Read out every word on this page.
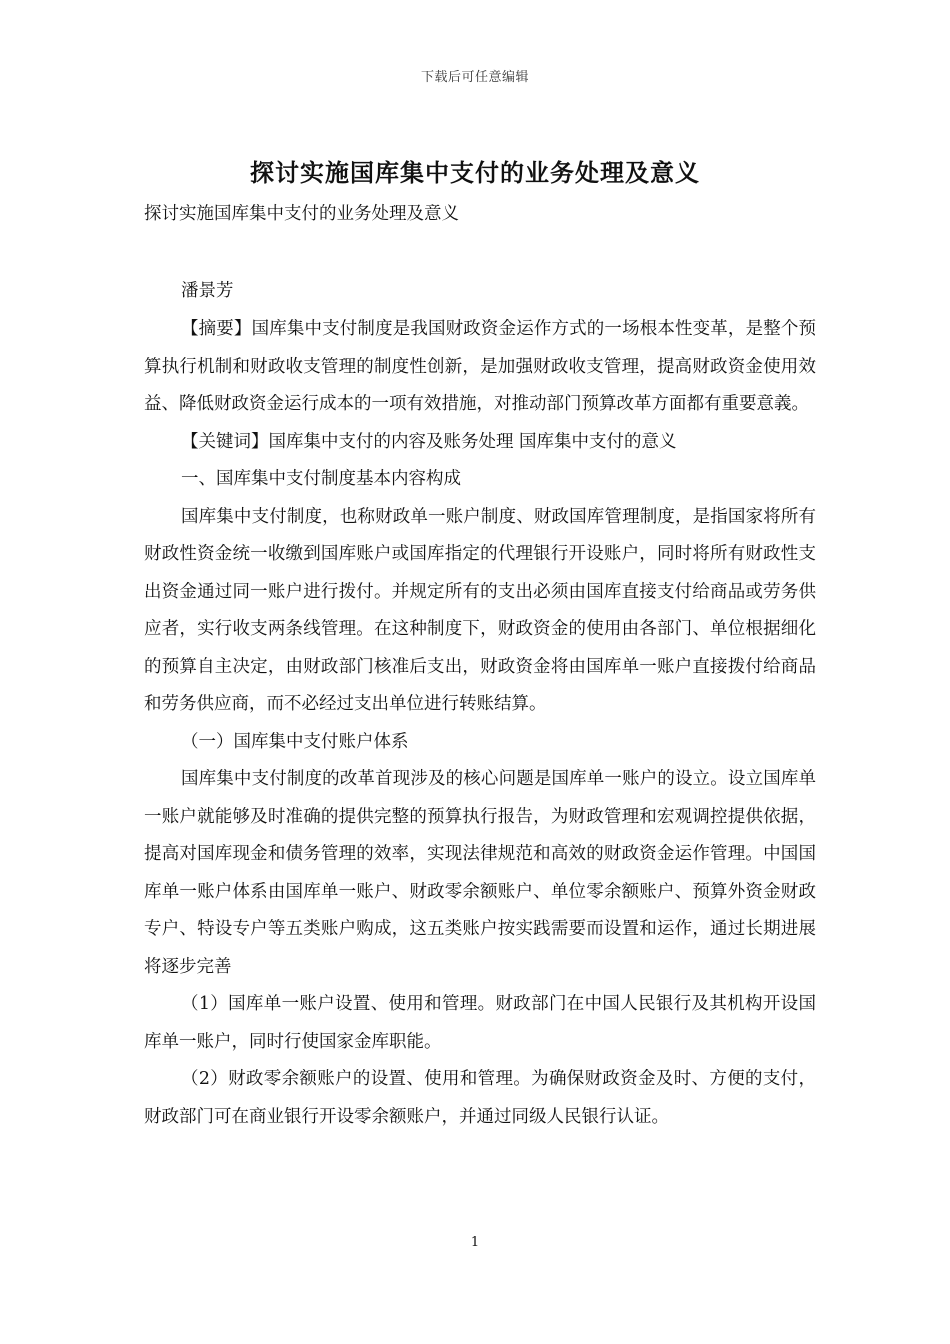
下载后可任意编辑
探讨实施国库集中支付的业务处理及意义

探讨实施国库集中支付的业务处理及意义

潘景芳

【摘要】国库集中支付制度是我国财政资金运作方式的一场根本性变革，是整个预算执行机制和财政收支管理的制度性创新，是加强财政收支管理，提高财政资金使用效益、降低财政资金运行成本的一项有效措施，对推动部门预算改革方面都有重要意義。

【关键词】国库集中支付的内容及账务处理 国库集中支付的意义

一、国库集中支付制度基本内容构成

国库集中支付制度，也称财政单一账户制度、财政国库管理制度，是指国家将所有财政性资金统一收缴到国库账户或国库指定的代理银行开设账户，同时将所有财政性支出资金通过同一账户进行拨付。并规定所有的支出必须由国库直接支付给商品或劳务供应者，实行收支两条线管理。在这种制度下，财政资金的使用由各部门、单位根据细化的预算自主决定，由财政部门核准后支出，财政资金将由国库单一账户直接拨付给商品和劳务供应商，而不必经过支出单位进行转账结算。

（一）国库集中支付账户体系

国库集中支付制度的改革首现涉及的核心问题是国库单一账户的设立。设立国库单一账户就能够及时准确的提供完整的预算执行报告，为财政管理和宏观调控提供依据，提高对国库现金和债务管理的效率，实现法律规范和高效的财政资金运作管理。中国国库单一账户体系由国库单一账户、财政零余额账户、单位零余额账户、预算外资金财政专户、特设专户等五类账户购成，这五类账户按实践需要而设置和运作，通过长期进展将逐步完善

（1）国库单一账户设置、使用和管理。财政部门在中国人民银行及其机构开设国库单一账户，同时行使国家金库职能。

（2）财政零余额账户的设置、使用和管理。为确保财政资金及时、方便的支付，财政部门可在商业银行开设零余额账户，并通过同级人民银行认证。

1
